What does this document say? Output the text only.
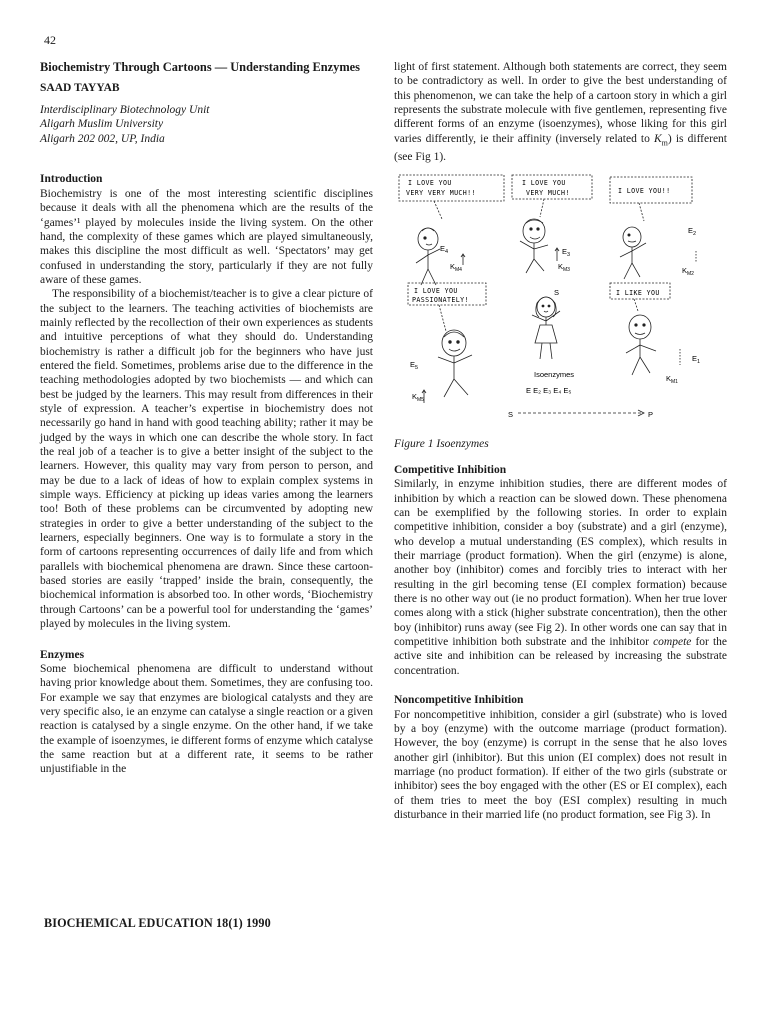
42
Biochemistry Through Cartoons — Understanding Enzymes
SAAD TAYYAB
Interdisciplinary Biotechnology Unit
Aligarh Muslim University
Aligarh 202 002, UP, India
Introduction

Biochemistry is one of the most interesting scientific disciplines because it deals with all the phenomena which are the results of the ‘games’¹ played by molecules inside the living system. On the other hand, the complexity of these games which are played simultaneously, makes this discipline the most difficult as well. ‘Spectators’ may get confused in understanding the story, particularly if they are not fully aware of these games.

The responsibility of a biochemist/teacher is to give a clear picture of the subject to the learners. The teaching activities of biochemists are mainly reflected by the recollection of their own experiences as students and intuitive perceptions of what they should do. Understanding biochemistry is rather a difficult job for the beginners who have just entered the field. Sometimes, problems arise due to the difference in the teaching methodologies adopted by two biochemists — and which can best be judged by the learners. This may result from differences in their style of expression. A teacher’s expertise in biochemistry does not necessarily go hand in hand with good teaching ability; rather it may be judged by the ways in which one can describe the whole story. In fact the real job of a teacher is to give a better insight of the subject to the learners. However, this quality may vary from person to person, and may be due to a lack of ideas of how to explain complex systems in simple ways. Efficiency at picking up ideas varies among the learners too! Both of these problems can be circumvented by adopting new strategies in order to give a better understanding of the subject to the learners, especially beginners. One way is to formulate a story in the form of cartoons representing occurrences of daily life and from which parallels with biochemical phenomena are drawn. Since these cartoon-based stories are easily ‘trapped’ inside the brain, consequently, the biochemical information is absorbed too. In other words, ‘Biochemistry through Cartoons’ can be a powerful tool for understanding the ‘games’ played by molecules in the living system.

Enzymes

Some biochemical phenomena are difficult to understand without having prior knowledge about them. Sometimes, they are confusing too. For example we say that enzymes are biological catalysts and they are very specific also, ie an enzyme can catalyse a single reaction or a given reaction is catalysed by a single enzyme. On the other hand, if we take the example of isoenzymes, ie different forms of enzyme which catalyse the same reaction but at a different rate, it seems to be rather unjustifiable in the

light of first statement. Although both statements are correct, they seem to be contradictory as well. In order to give the best understanding of this phenomenon, we can take the help of a cartoon story in which a girl represents the substrate molecule with five gentlemen, representing five different forms of an enzyme (isoenzymes), whose liking for this girl varies differently, ie their affinity (inversely related to $K_m$) is different (see Fig 1).

I LOVE YOU
VERY VERY MUCH!!
I LOVE YOU
VERY MUCH!	I LOVE YOU!!
I LOVE YOU
PASSIONATELY!
I LIKE YOU
$E_4$
$K_{M4}$
$E_3$
$K_{M3}$
$E_2$
$K_{M2}$
S
$E_5$
$K_{M5}$
$E_1$
$K_{M1}$
Isoenzymes
E E₂ E₃ E₄ E₅
S	P
Figure 1 Isoenzymes
Competitive Inhibition

Similarly, in enzyme inhibition studies, there are different modes of inhibition by which a reaction can be slowed down. These phenomena can be exemplified by the following stories. In order to explain competitive inhibition, consider a boy (substrate) and a girl (enzyme), who develop a mutual understanding (ES complex), which results in their marriage (product formation). When the girl (enzyme) is alone, another boy (inhibitor) comes and forcibly tries to interact with her resulting in the girl becoming tense (EI complex formation) because there is no other way out (ie no product formation). When her true lover comes along with a stick (higher substrate concentration), then the other boy (inhibitor) runs away (see Fig 2). In other words one can say that in competitive inhibition both substrate and the inhibitor compete for the active site and inhibition can be released by increasing the substrate concentration.

Noncompetitive Inhibition

For noncompetitive inhibition, consider a girl (substrate) who is loved by a boy (enzyme) with the outcome marriage (product formation). However, the boy (enzyme) is corrupt in the sense that he also loves another girl (inhibitor). But this union (EI complex) does not result in marriage (no product formation). If either of the two girls (substrate or inhibitor) sees the boy engaged with the other (ES or EI complex), each of them tries to meet the boy (ESI complex) resulting in much disturbance in their married life (no product formation, see Fig 3). In

BIOCHEMICAL EDUCATION 18(1) 1990
